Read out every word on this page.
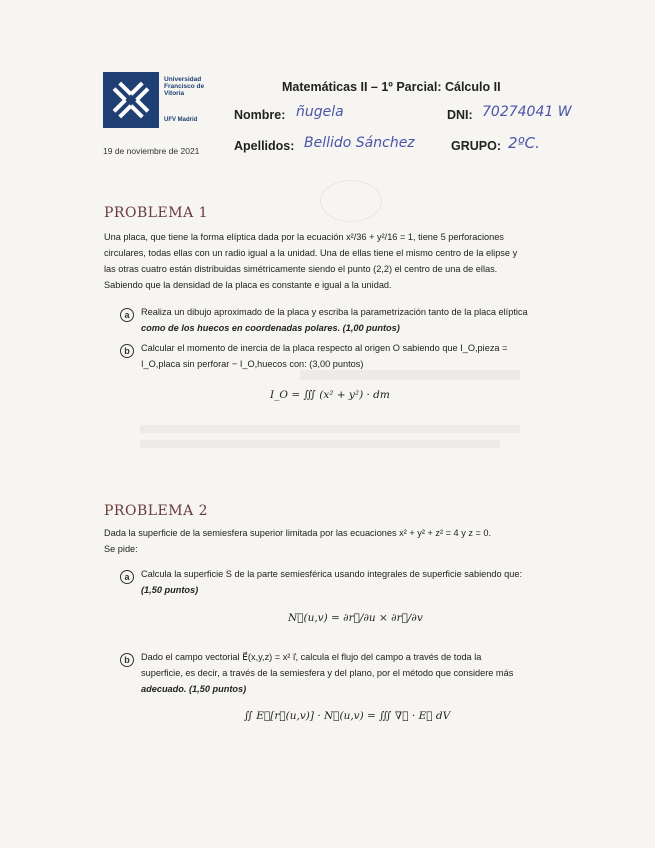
Universidad
Francisco de
Vitoria
UFV Madrid
19 de noviembre de 2021
Matemáticas II – 1º Parcial: Cálculo II
Nombre: ñugela	DNI: 70274041 W
Apellidos: Bellido Sánchez	GRUPO: 2ºC.
PROBLEMA 1
Una placa, que tiene la forma elíptica dada por la ecuación x²/36 + y²/16 = 1, tiene 5 perforaciones
circulares, todas ellas con un radio igual a la unidad. Una de ellas tiene el mismo centro de la elipse y
las otras cuatro están distribuidas simétricamente siendo el punto (2,2) el centro de una de ellas.
Sabiendo que la densidad de la placa es constante e igual a la unidad.
a	Realiza un dibujo aproximado de la placa y escriba la parametrización tanto de la placa elíptica
como de los huecos en coordenadas polares. (1,00 puntos)
b	Calcular el momento de inercia de la placa respecto al origen O sabiendo que I_O,pieza =
I_O,placa sin perforar − I_O,huecos con: (3,00 puntos)
I_O = ∭ (x² + y²) · dm
PROBLEMA 2
Dada la superficie de la semiesfera superior limitada por las ecuaciones x² + y² + z² = 4 y z = 0.
Se pide:
a	Calcula la superficie S de la parte semiesférica usando integrales de superficie sabiendo que:
(1,50 puntos)
N⃗(u,v) = ∂r⃗/∂u × ∂r⃗/∂v
b	Dado el campo vectorial E⃗(x,y,z) = x² i⃗, calcula el flujo del campo a través de toda la
superficie, es decir, a través de la semiesfera y del plano, por el método que considere más
adecuado. (1,50 puntos)
∬ E⃗[r⃗(u,v)] · N⃗(u,v) = ∭ ∇⃗ · E⃗ dV
